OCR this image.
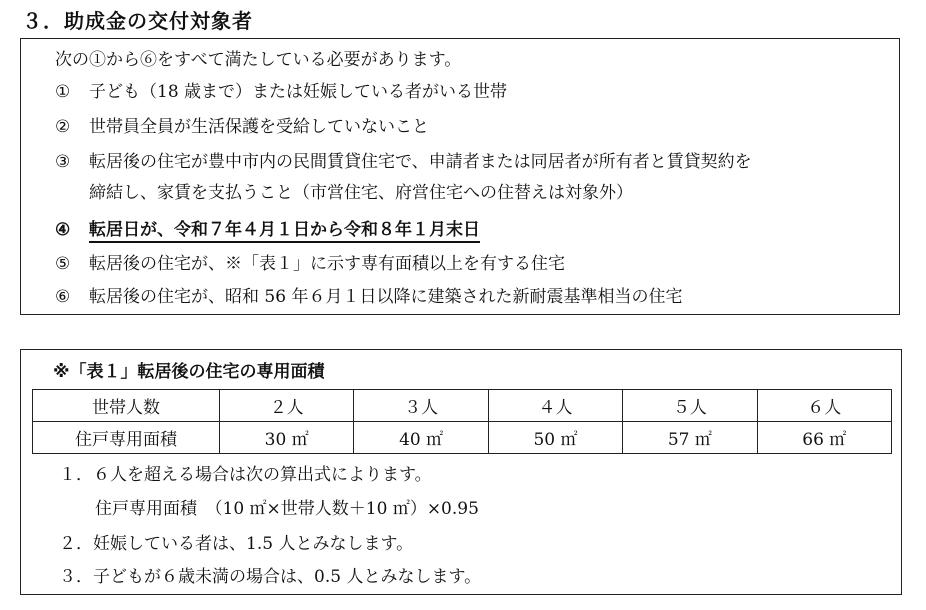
３．助成金の交付対象者
次の①から⑥をすべて満たしている必要があります。
① 子ども（18 歳まで）または妊娠している者がいる世帯
② 世帯員全員が生活保護を受給していないこと
③ 転居後の住宅が豊中市内の民間賃貸住宅で、申請者または同居者が所有者と賃貸契約を
締結し、家賃を支払うこと（市営住宅、府営住宅への住替えは対象外）
④ 転居日が、令和７年４月１日から令和８年１月末日
⑤ 転居後の住宅が、※「表１」に示す専有面積以上を有する住宅
⑥ 転居後の住宅が、昭和 56 年６月１日以降に建築された新耐震基準相当の住宅
※「表１」転居後の住宅の専用面積
世帯人数	２人	３人	４人	５人	６人
住戸専用面積	30 ㎡	40 ㎡	50 ㎡	57 ㎡	66 ㎡
１．６人を超える場合は次の算出式によります。
住戸専用面積　（10 ㎡×世帯人数＋10 ㎡）×0.95
２．妊娠している者は、1.5 人とみなします。
３．子どもが６歳未満の場合は、0.5 人とみなします。
